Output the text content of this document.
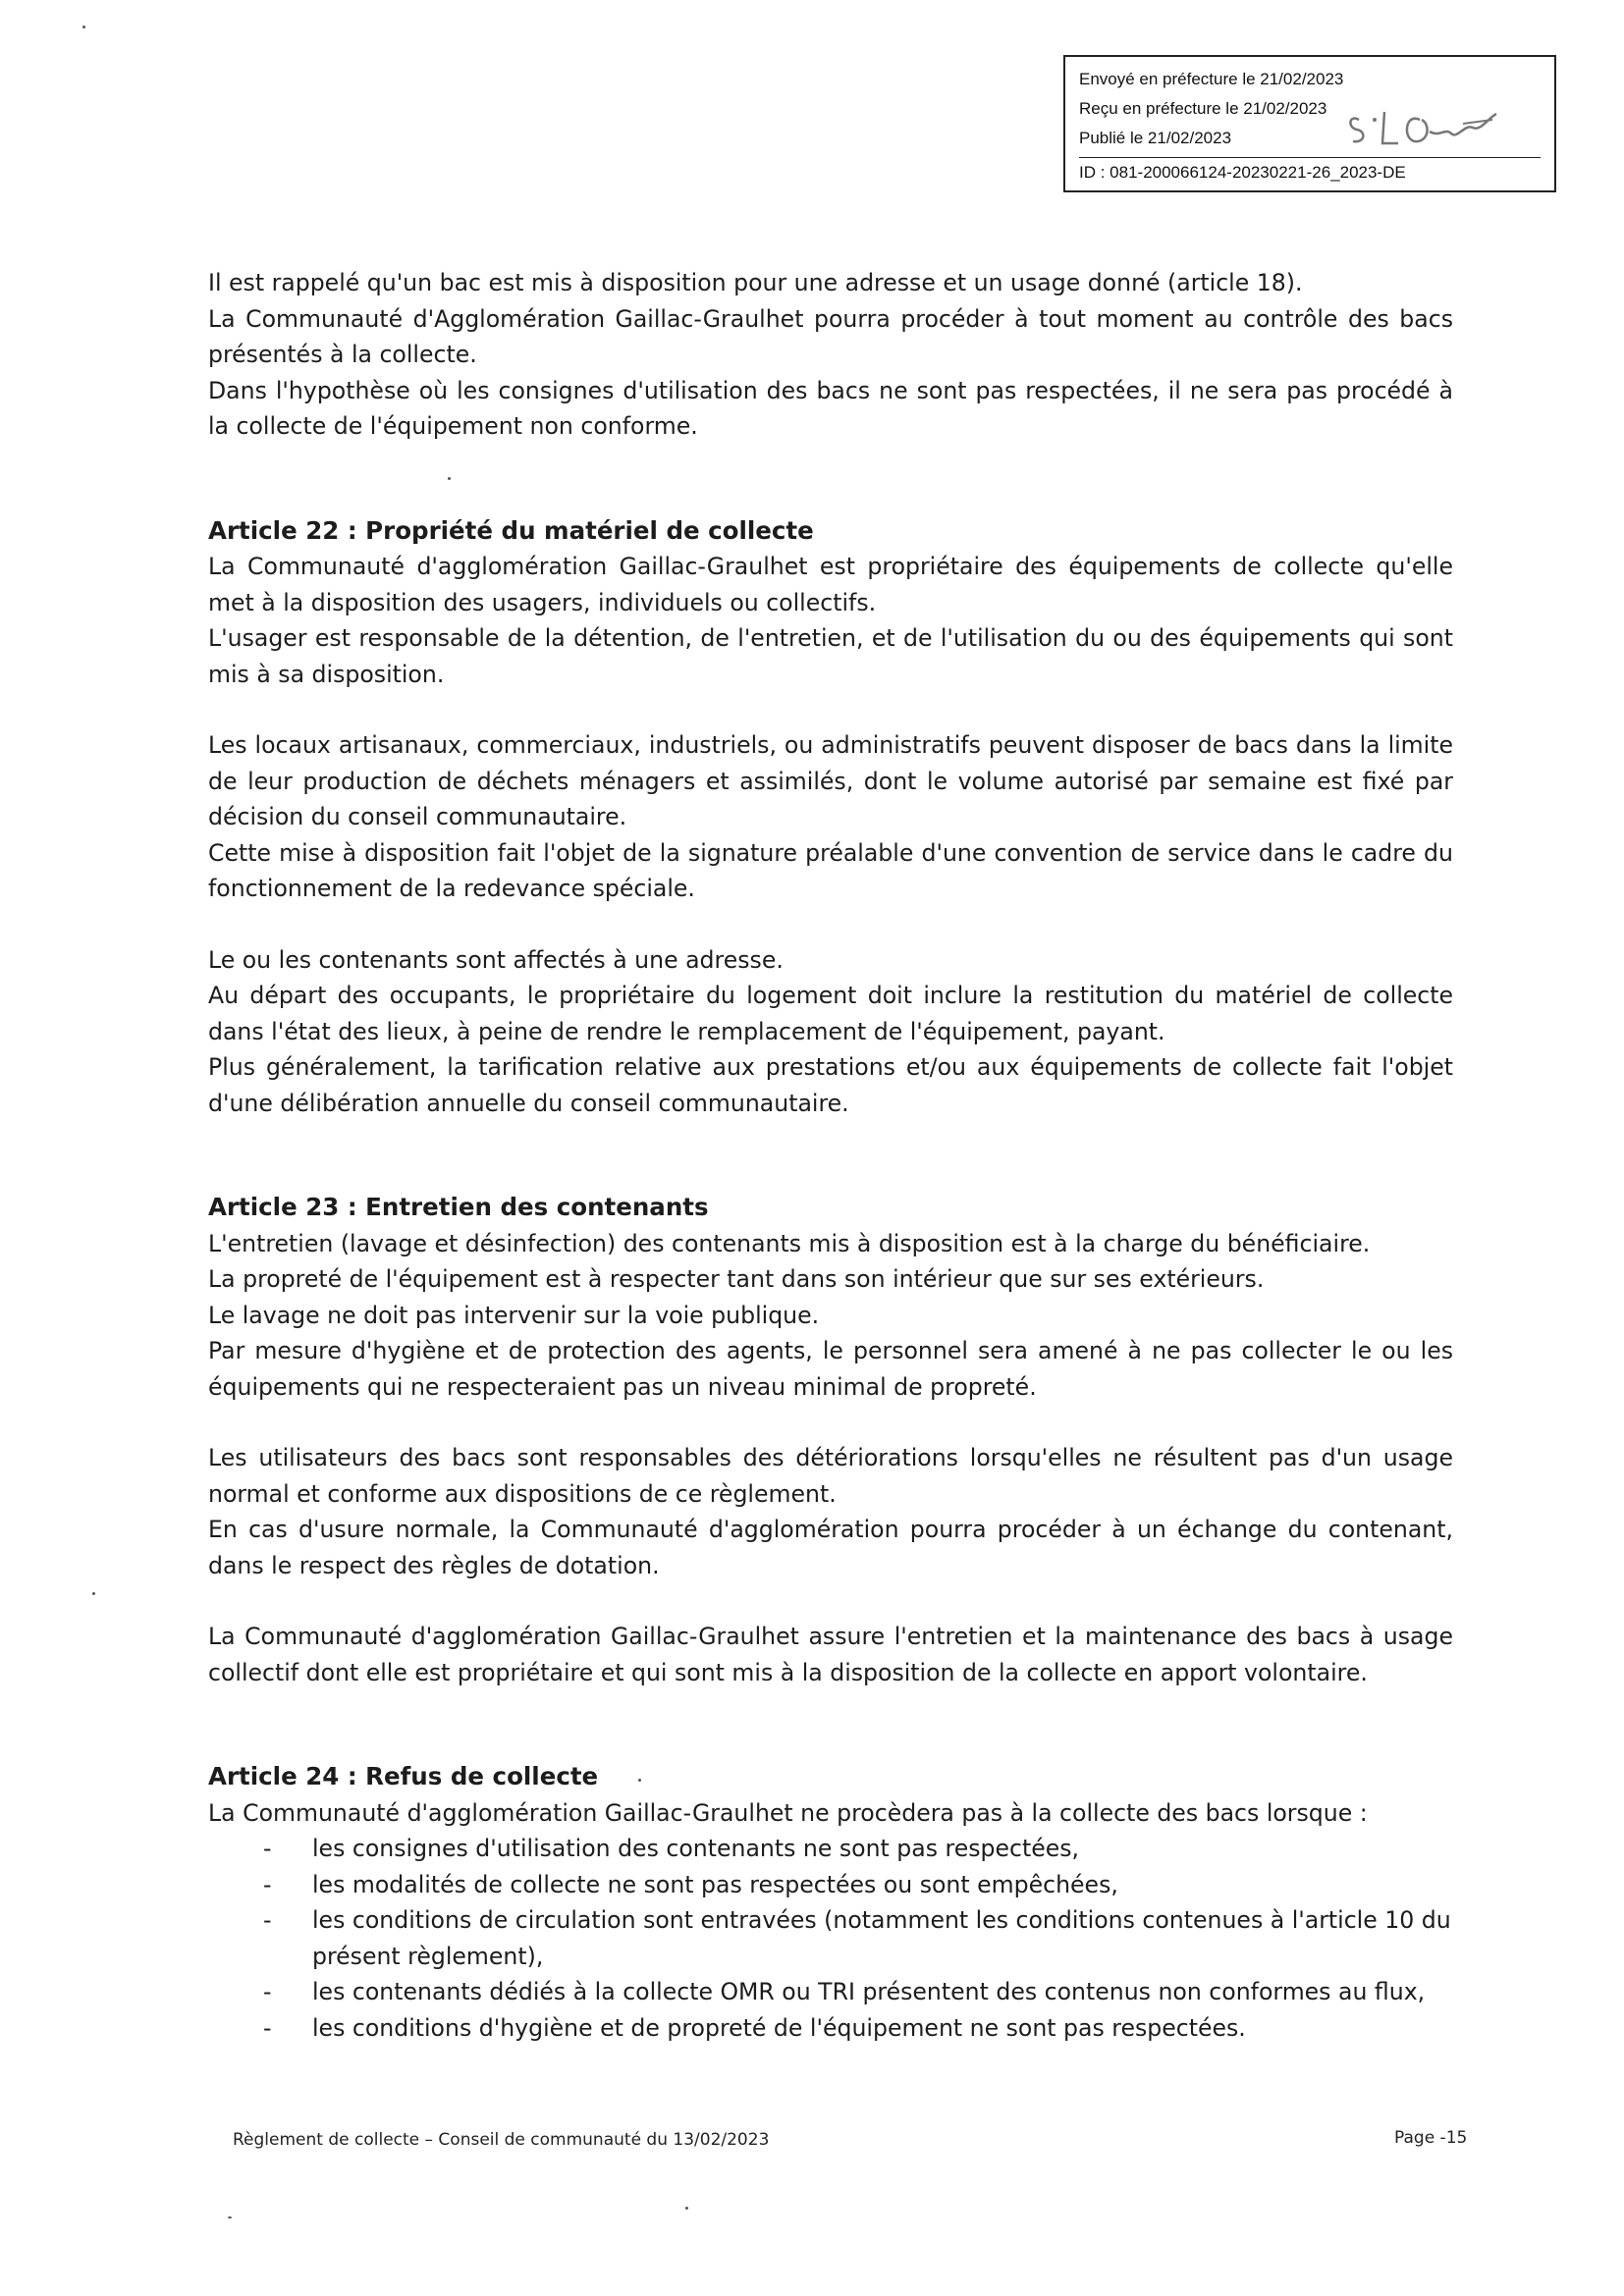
Envoyé en préfecture le 21/02/2023
Reçu en préfecture le 21/02/2023
Publié le 21/02/2023
ID : 081-200066124-20230221-26_2023-DE
Il est rappelé qu'un bac est mis à disposition pour une adresse et un usage donné (article 18).
La Communauté d'Agglomération Gaillac-Graulhet pourra procéder à tout moment au contrôle des bacs présentés à la collecte.
Dans l'hypothèse où les consignes d'utilisation des bacs ne sont pas respectées, il ne sera pas procédé à la collecte de l'équipement non conforme.
Article 22 : Propriété du matériel de collecte
La Communauté d'agglomération Gaillac-Graulhet est propriétaire des équipements de collecte qu'elle met à la disposition des usagers, individuels ou collectifs.
L'usager est responsable de la détention, de l'entretien, et de l'utilisation du ou des équipements qui sont mis à sa disposition.
Les locaux artisanaux, commerciaux, industriels, ou administratifs peuvent disposer de bacs dans la limite de leur production de déchets ménagers et assimilés, dont le volume autorisé par semaine est fixé par décision du conseil communautaire.
Cette mise à disposition fait l'objet de la signature préalable d'une convention de service dans le cadre du fonctionnement de la redevance spéciale.
Le ou les contenants sont affectés à une adresse.
Au départ des occupants, le propriétaire du logement doit inclure la restitution du matériel de collecte dans l'état des lieux, à peine de rendre le remplacement de l'équipement, payant.
Plus généralement, la tarification relative aux prestations et/ou aux équipements de collecte fait l'objet d'une délibération annuelle du conseil communautaire.
Article 23 : Entretien des contenants
L'entretien (lavage et désinfection) des contenants mis à disposition est à la charge du bénéficiaire.
La propreté de l'équipement est à respecter tant dans son intérieur que sur ses extérieurs.
Le lavage ne doit pas intervenir sur la voie publique.
Par mesure d'hygiène et de protection des agents, le personnel sera amené à ne pas collecter le ou les équipements qui ne respecteraient pas un niveau minimal de propreté.
Les utilisateurs des bacs sont responsables des détériorations lorsqu'elles ne résultent pas d'un usage normal et conforme aux dispositions de ce règlement.
En cas d'usure normale, la Communauté d'agglomération pourra procéder à un échange du contenant, dans le respect des règles de dotation.
La Communauté d'agglomération Gaillac-Graulhet assure l'entretien et la maintenance des bacs à usage collectif dont elle est propriétaire et qui sont mis à la disposition de la collecte en apport volontaire.
Article 24 : Refus de collecte
La Communauté d'agglomération Gaillac-Graulhet ne procèdera pas à la collecte des bacs lorsque :
- les consignes d'utilisation des contenants ne sont pas respectées,
- les modalités de collecte ne sont pas respectées ou sont empêchées,
- les conditions de circulation sont entravées (notamment les conditions contenues à l'article 10 du présent règlement),
- les contenants dédiés à la collecte OMR ou TRI présentent des contenus non conformes au flux,
- les conditions d'hygiène et de propreté de l'équipement ne sont pas respectées.
Règlement de collecte – Conseil de communauté du 13/02/2023	Page -15
